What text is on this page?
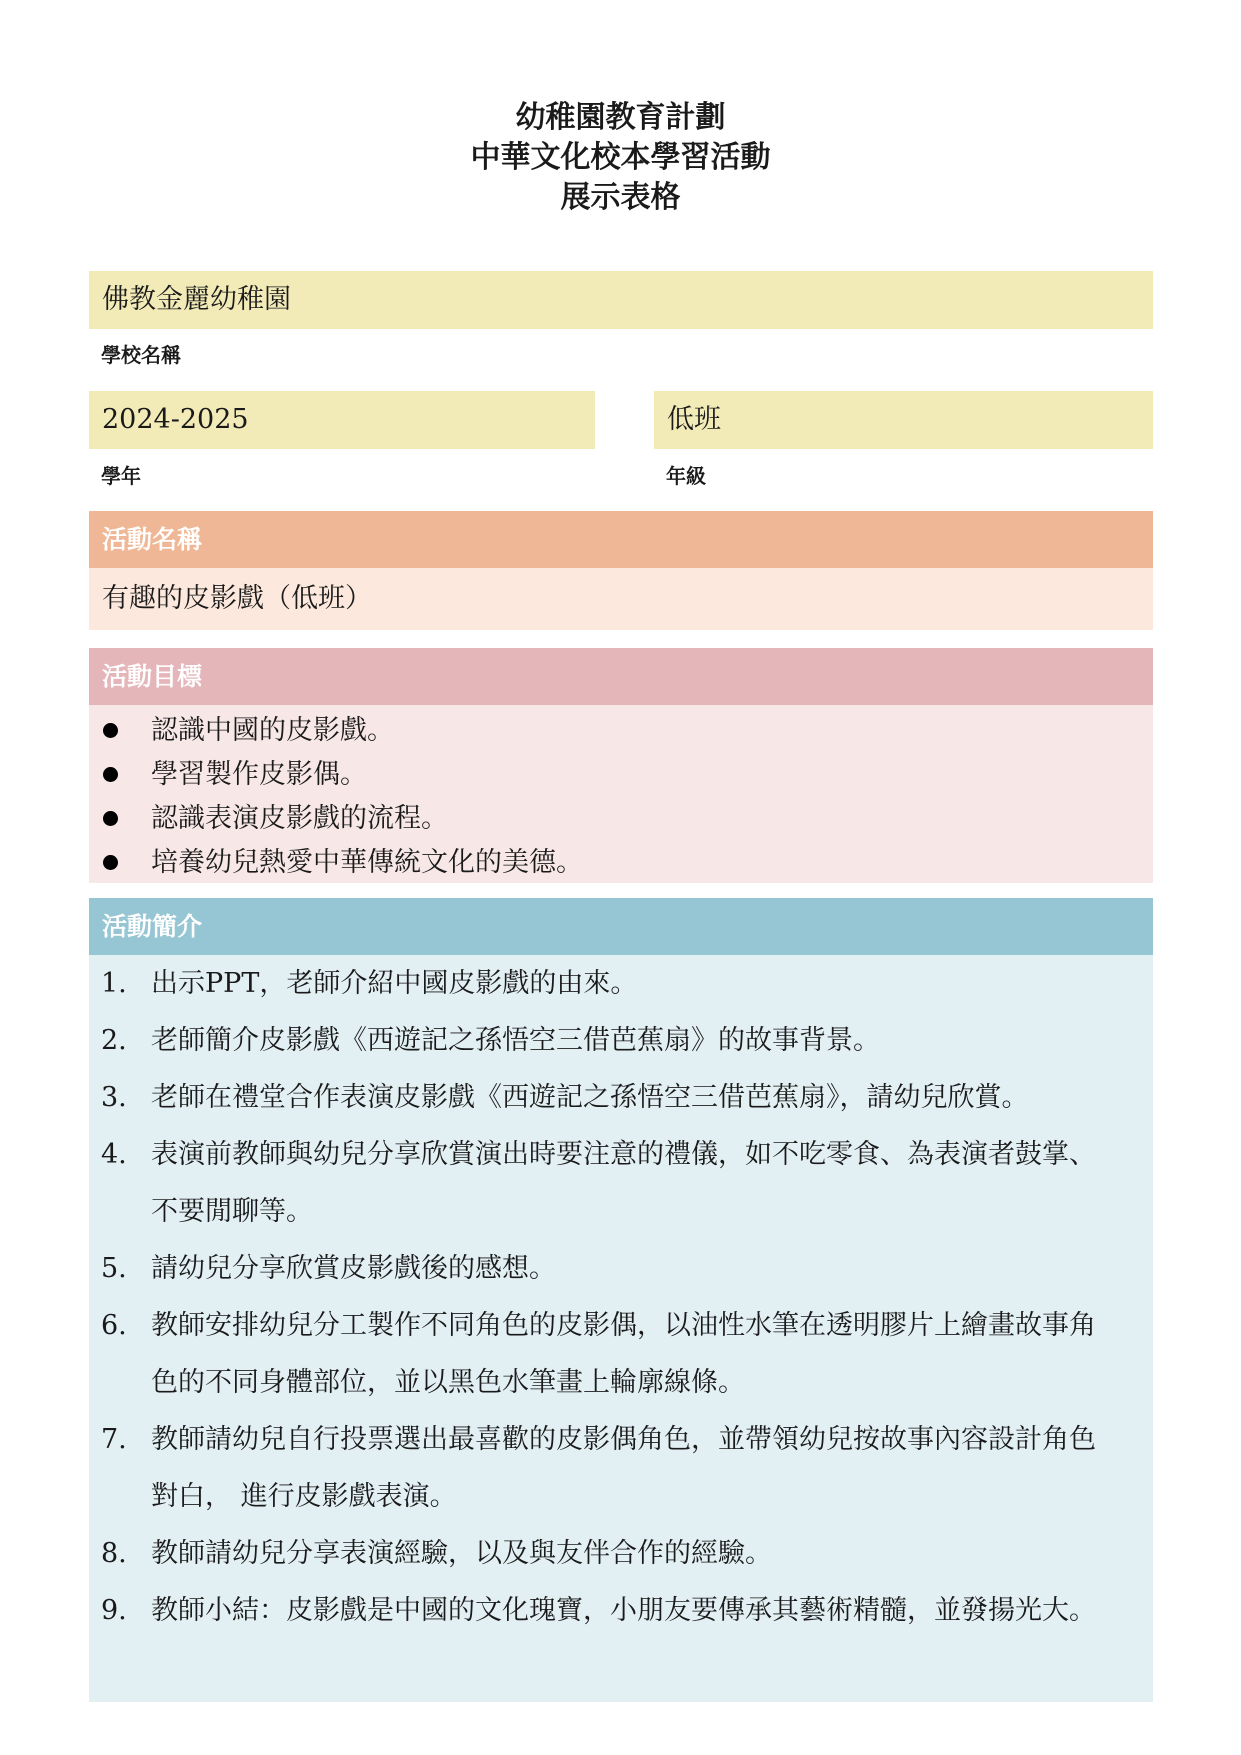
幼稚園教育計劃
中華文化校本學習活動
展示表格
佛教金麗幼稚園
學校名稱
2024-2025
學年
低班
年級
活動名稱
有趣的皮影戲（低班）
活動目標
認識中國的皮影戲。
學習製作皮影偶。
認識表演皮影戲的流程。
培養幼兒熱愛中華傳統文化的美德。
活動簡介
1. 出示PPT，老師介紹中國皮影戲的由來。
2. 老師簡介皮影戲《西遊記之孫悟空三借芭蕉扇》的故事背景。
3. 老師在禮堂合作表演皮影戲《西遊記之孫悟空三借芭蕉扇》，請幼兒欣賞。
4. 表演前教師與幼兒分享欣賞演出時要注意的禮儀，如不吃零食、為表演者鼓掌、不要閒聊等。
5. 請幼兒分享欣賞皮影戲後的感想。
6. 教師安排幼兒分工製作不同角色的皮影偶，以油性水筆在透明膠片上繪畫故事角色的不同身體部位，並以黑色水筆畫上輪廓線條。
7. 教師請幼兒自行投票選出最喜歡的皮影偶角色，並帶領幼兒按故事內容設計角色對白， 進行皮影戲表演。
8. 教師請幼兒分享表演經驗，以及與友伴合作的經驗。
9. 教師小結：皮影戲是中國的文化瑰寶，小朋友要傳承其藝術精髓，並發揚光大。
